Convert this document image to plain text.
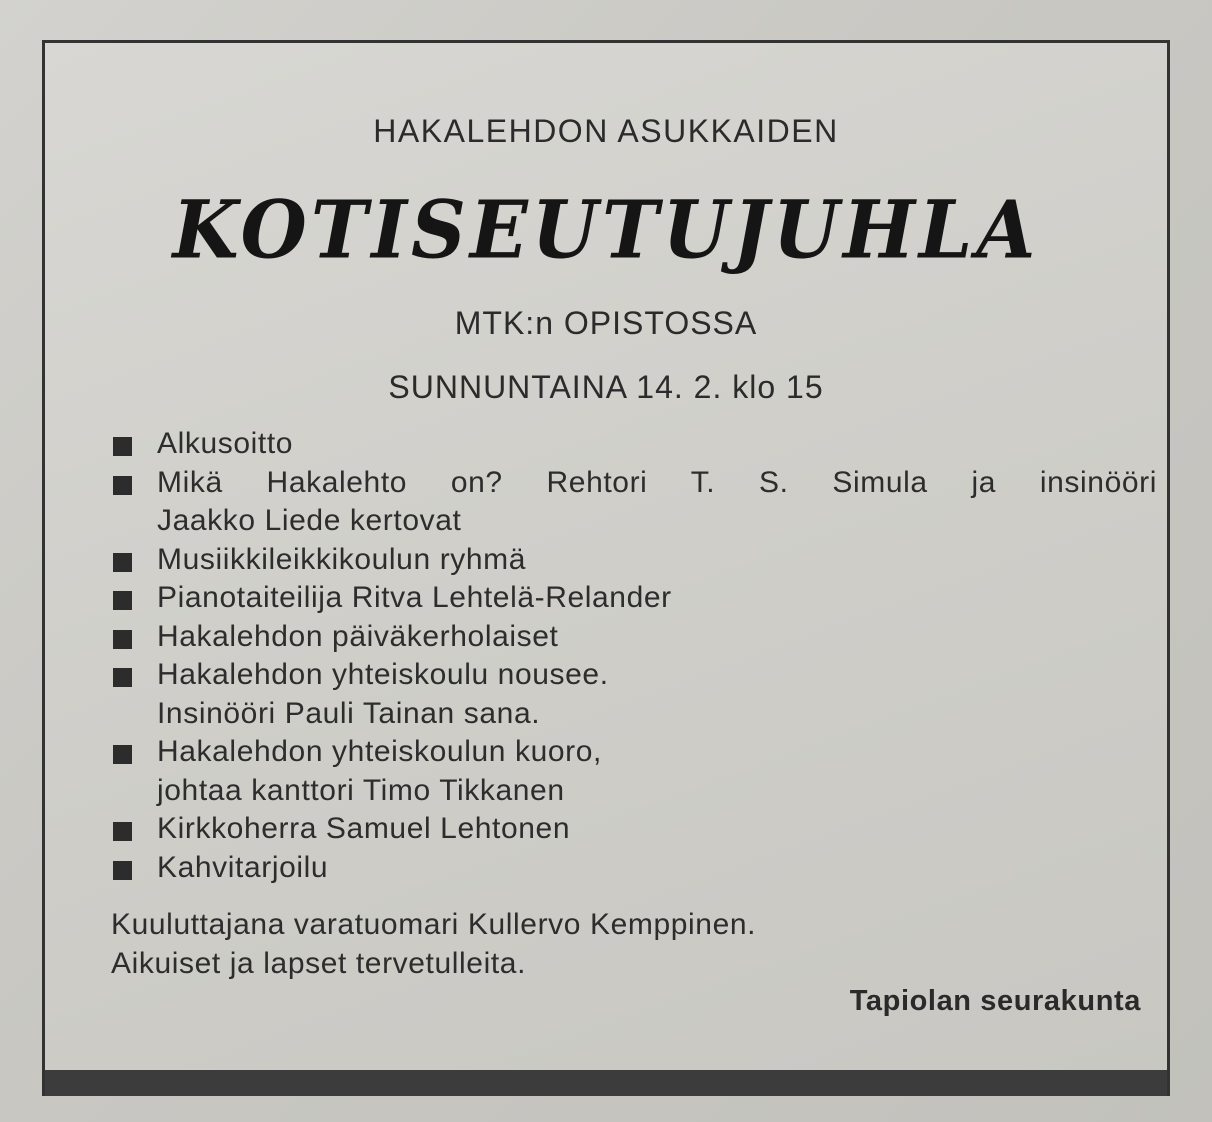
HAKALEHDON ASUKKAIDEN
KOTISEUTUJUHLA
MTK:n OPISTOSSA
SUNNUNTAINA 14. 2. klo 15
Alkusoitto
Mikä Hakalehto on? Rehtori T. S. Simula ja insinööri
Jaakko Liede kertovat
Musiikkileikkikoulun ryhmä
Pianotaiteilija Ritva Lehtelä-Relander
Hakalehdon päiväkerholaiset
Hakalehdon yhteiskoulu nousee.
Insinööri Pauli Tainan sana.
Hakalehdon yhteiskoulun kuoro,
johtaa kanttori Timo Tikkanen
Kirkkoherra Samuel Lehtonen
Kahvitarjoilu
Kuuluttajana varatuomari Kullervo Kemppinen.
Aikuiset ja lapset tervetulleita.
Tapiolan seurakunta
